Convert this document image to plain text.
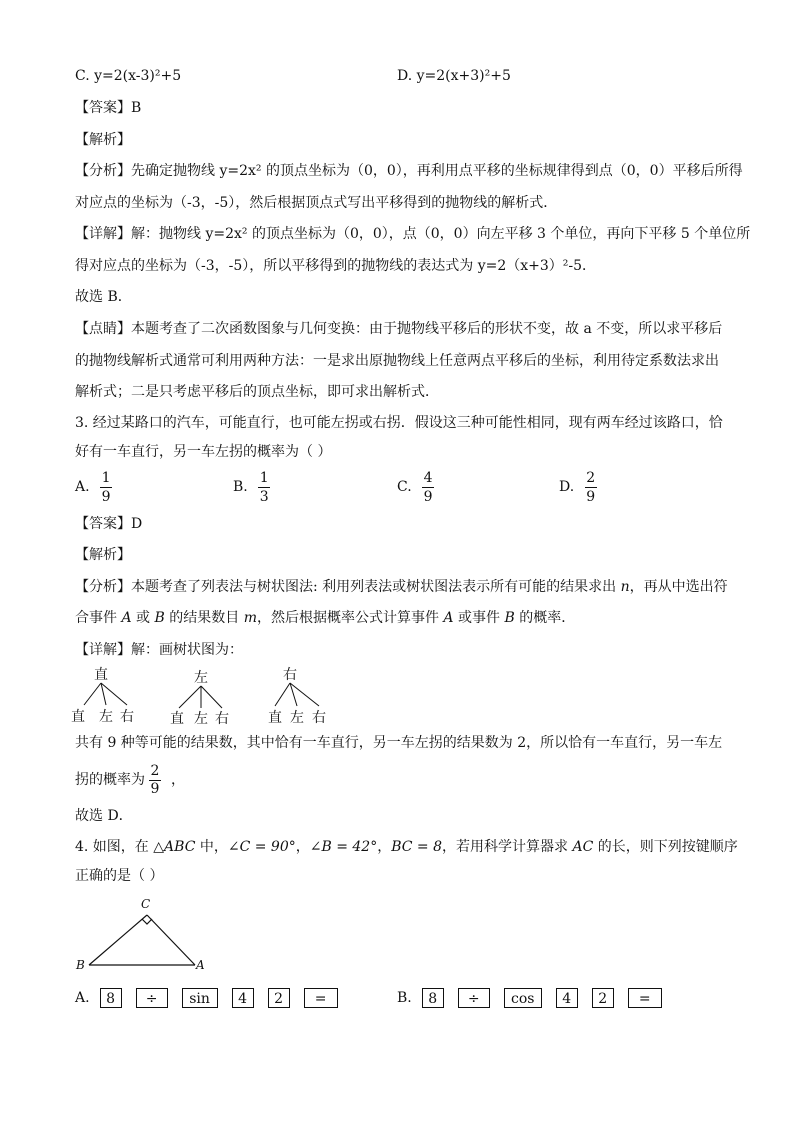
C. y=2(x-3)²+5	D. y=2(x+3)²+5
【答案】B
【解析】
【分析】先确定抛物线 y=2x² 的顶点坐标为（0，0），再利用点平移的坐标规律得到点（0，0）平移后所得
对应点的坐标为（-3，-5），然后根据顶点式写出平移得到的抛物线的解析式．
【详解】解：抛物线 y=2x² 的顶点坐标为（0，0），点（0，0）向左平移 3 个单位，再向下平移 5 个单位所
得对应点的坐标为（-3，-5），所以平移得到的抛物线的表达式为 y=2（x+3）²-5．
故选 B．
【点睛】本题考查了二次函数图象与几何变换：由于抛物线平移后的形状不变，故 a 不变，所以求平移后
的抛物线解析式通常可利用两种方法：一是求出原抛物线上任意两点平移后的坐标，利用待定系数法求出
解析式；二是只考虑平移后的顶点坐标，即可求出解析式．
3. 经过某路口的汽车，可能直行，也可能左拐或右拐．假设这三种可能性相同，现有两车经过该路口，恰
好有一车直行，另一车左拐的概率为（ ）
A. $\frac{1}{9}$	B. $\frac{1}{3}$	C. $\frac{4}{9}$	D. $\frac{2}{9}$
【答案】D
【解析】
【分析】本题考查了列表法与树状图法: 利用列表法或树状图法表示所有可能的结果求出 n，再从中选出符
合事件 A 或 B 的结果数目 m，然后根据概率公式计算事件 A 或事件 B 的概率．
【详解】解：画树状图为：
直	左	右
直 左 右	直 左 右	直 左 右
共有 9 种等可能的结果数，其中恰有一车直行，另一车左拐的结果数为 2，所以恰有一车直行，另一车左
拐的概率为 $\frac{2}{9}$ ，
故选 D．
4. 如图，在 △ABC 中，∠C = 90°，∠B = 42°，BC = 8，若用科学计算器求 AC 的长，则下列按键顺序
正确的是（ ）
C
B	A
A.	8	÷	sin	4	2	=	B.	8	÷	cos	4	2	=
